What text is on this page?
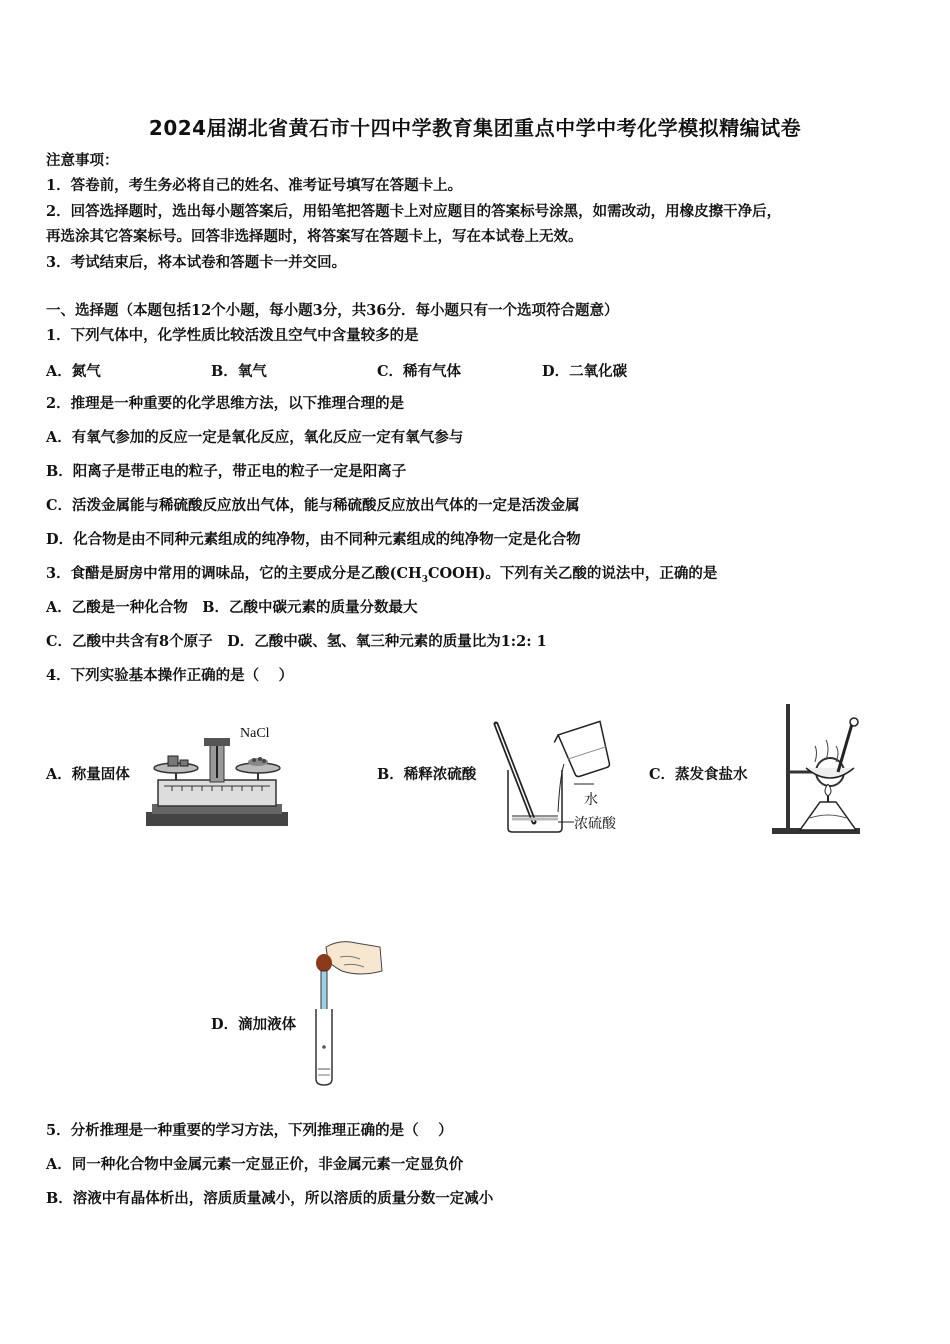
2024届湖北省黄石市十四中学教育集团重点中学中考化学模拟精编试卷
注意事项：
1．答卷前，考生务必将自己的姓名、准考证号填写在答题卡上。
2．回答选择题时，选出每小题答案后，用铅笔把答题卡上对应题目的答案标号涂黑，如需改动，用橡皮擦干净后，
再选涂其它答案标号。回答非选择题时，将答案写在答题卡上，写在本试卷上无效。
3．考试结束后，将本试卷和答题卡一并交回。
一、选择题（本题包括12个小题，每小题3分，共36分．每小题只有一个选项符合题意）
1．下列气体中，化学性质比较活泼且空气中含量较多的是
A．氮气	B．氧气	C．稀有气体	D．二氧化碳
2．推理是一种重要的化学思维方法，以下推理合理的是
A．有氧气参加的反应一定是氧化反应，氧化反应一定有氧气参与
B．阳离子是带正电的粒子，带正电的粒子一定是阳离子
C．活泼金属能与稀硫酸反应放出气体，能与稀硫酸反应放出气体的一定是活泼金属
D．化合物是由不同种元素组成的纯净物，由不同种元素组成的纯净物一定是化合物
3．食醋是厨房中常用的调味品，它的主要成分是乙酸$(CH_3COOH)$。下列有关乙酸的说法中，正确的是
A．乙酸是一种化合物　B．乙酸中碳元素的质量分数最大
C．乙酸中共含有8个原子　D．乙酸中碳、氢、氧三种元素的质量比为1:2: 1
4．下列实验基本操作正确的是（　 ）
A．称量固体
NaCl
B．稀释浓硫酸
水
浓硫酸
C．蒸发食盐水
D．滴加液体
5．分析推理是一种重要的学习方法，下列推理正确的是（　 ）
A．同一种化合物中金属元素一定显正价，非金属元素一定显负价
B．溶液中有晶体析出，溶质质量减小，所以溶质的质量分数一定减小
